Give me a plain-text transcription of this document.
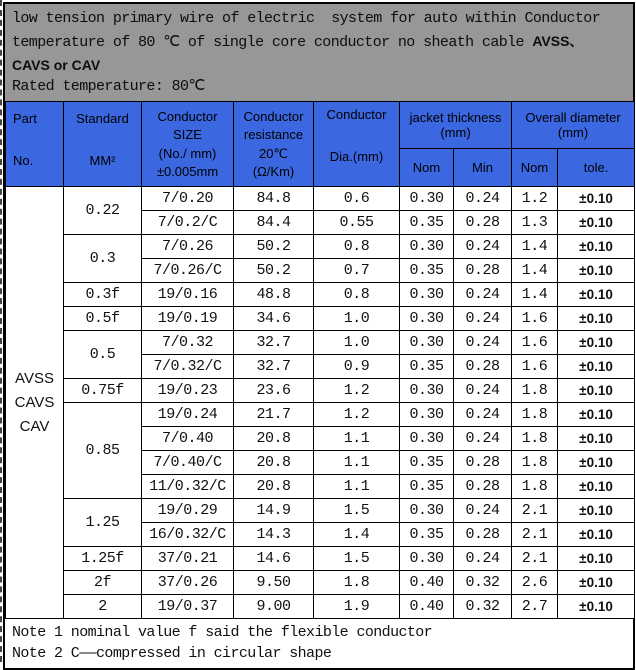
low tension primary wire of electric  system for auto within Conductor
temperature of 80 ℃ of single core conductor no sheath cable AVSS、
CAVS or CAV
Rated temperature: 80℃
Part
No.	Standard
MM²	Conductor
SIZE
(No./ mm)
±0.005mm	Conductor
resistance
20℃
(Ω/Km)	Conductor
Dia.(mm)	jacket thickness (mm)		Overall diameter (mm)	
					Nom	Min	Nom	tole.

AVSS
CAVS
CAV	0.22	7/0.20	84.8	0.6	0.30	0.24	1.2	±0.10
		7/0.2/C	84.4	0.55	0.35	0.28	1.3	±0.10
	0.3	7/0.26	50.2	0.8	0.30	0.24	1.4	±0.10
		7/0.26/C	50.2	0.7	0.35	0.28	1.4	±0.10
	0.3f	19/0.16	48.8	0.8	0.30	0.24	1.4	±0.10
	0.5f	19/0.19	34.6	1.0	0.30	0.24	1.6	±0.10
	0.5	7/0.32	32.7	1.0	0.30	0.24	1.6	±0.10
		7/0.32/C	32.7	0.9	0.35	0.28	1.6	±0.10
	0.75f	19/0.23	23.6	1.2	0.30	0.24	1.8	±0.10
	0.85	19/0.24	21.7	1.2	0.30	0.24	1.8	±0.10
		7/0.40	20.8	1.1	0.30	0.24	1.8	±0.10
		7/0.40/C	20.8	1.1	0.35	0.28	1.8	±0.10
		11/0.32/C	20.8	1.1	0.35	0.28	1.8	±0.10
	1.25	19/0.29	14.9	1.5	0.30	0.24	2.1	±0.10
		16/0.32/C	14.3	1.4	0.35	0.28	2.1	±0.10
	1.25f	37/0.21	14.6	1.5	0.30	0.24	2.1	±0.10
	2f	37/0.26	9.50	1.8	0.40	0.32	2.6	±0.10
	2	19/0.37	9.00	1.9	0.40	0.32	2.7	±0.10
Note 1 nominal value f said the flexible conductor
Note 2 C——compressed in circular shape
